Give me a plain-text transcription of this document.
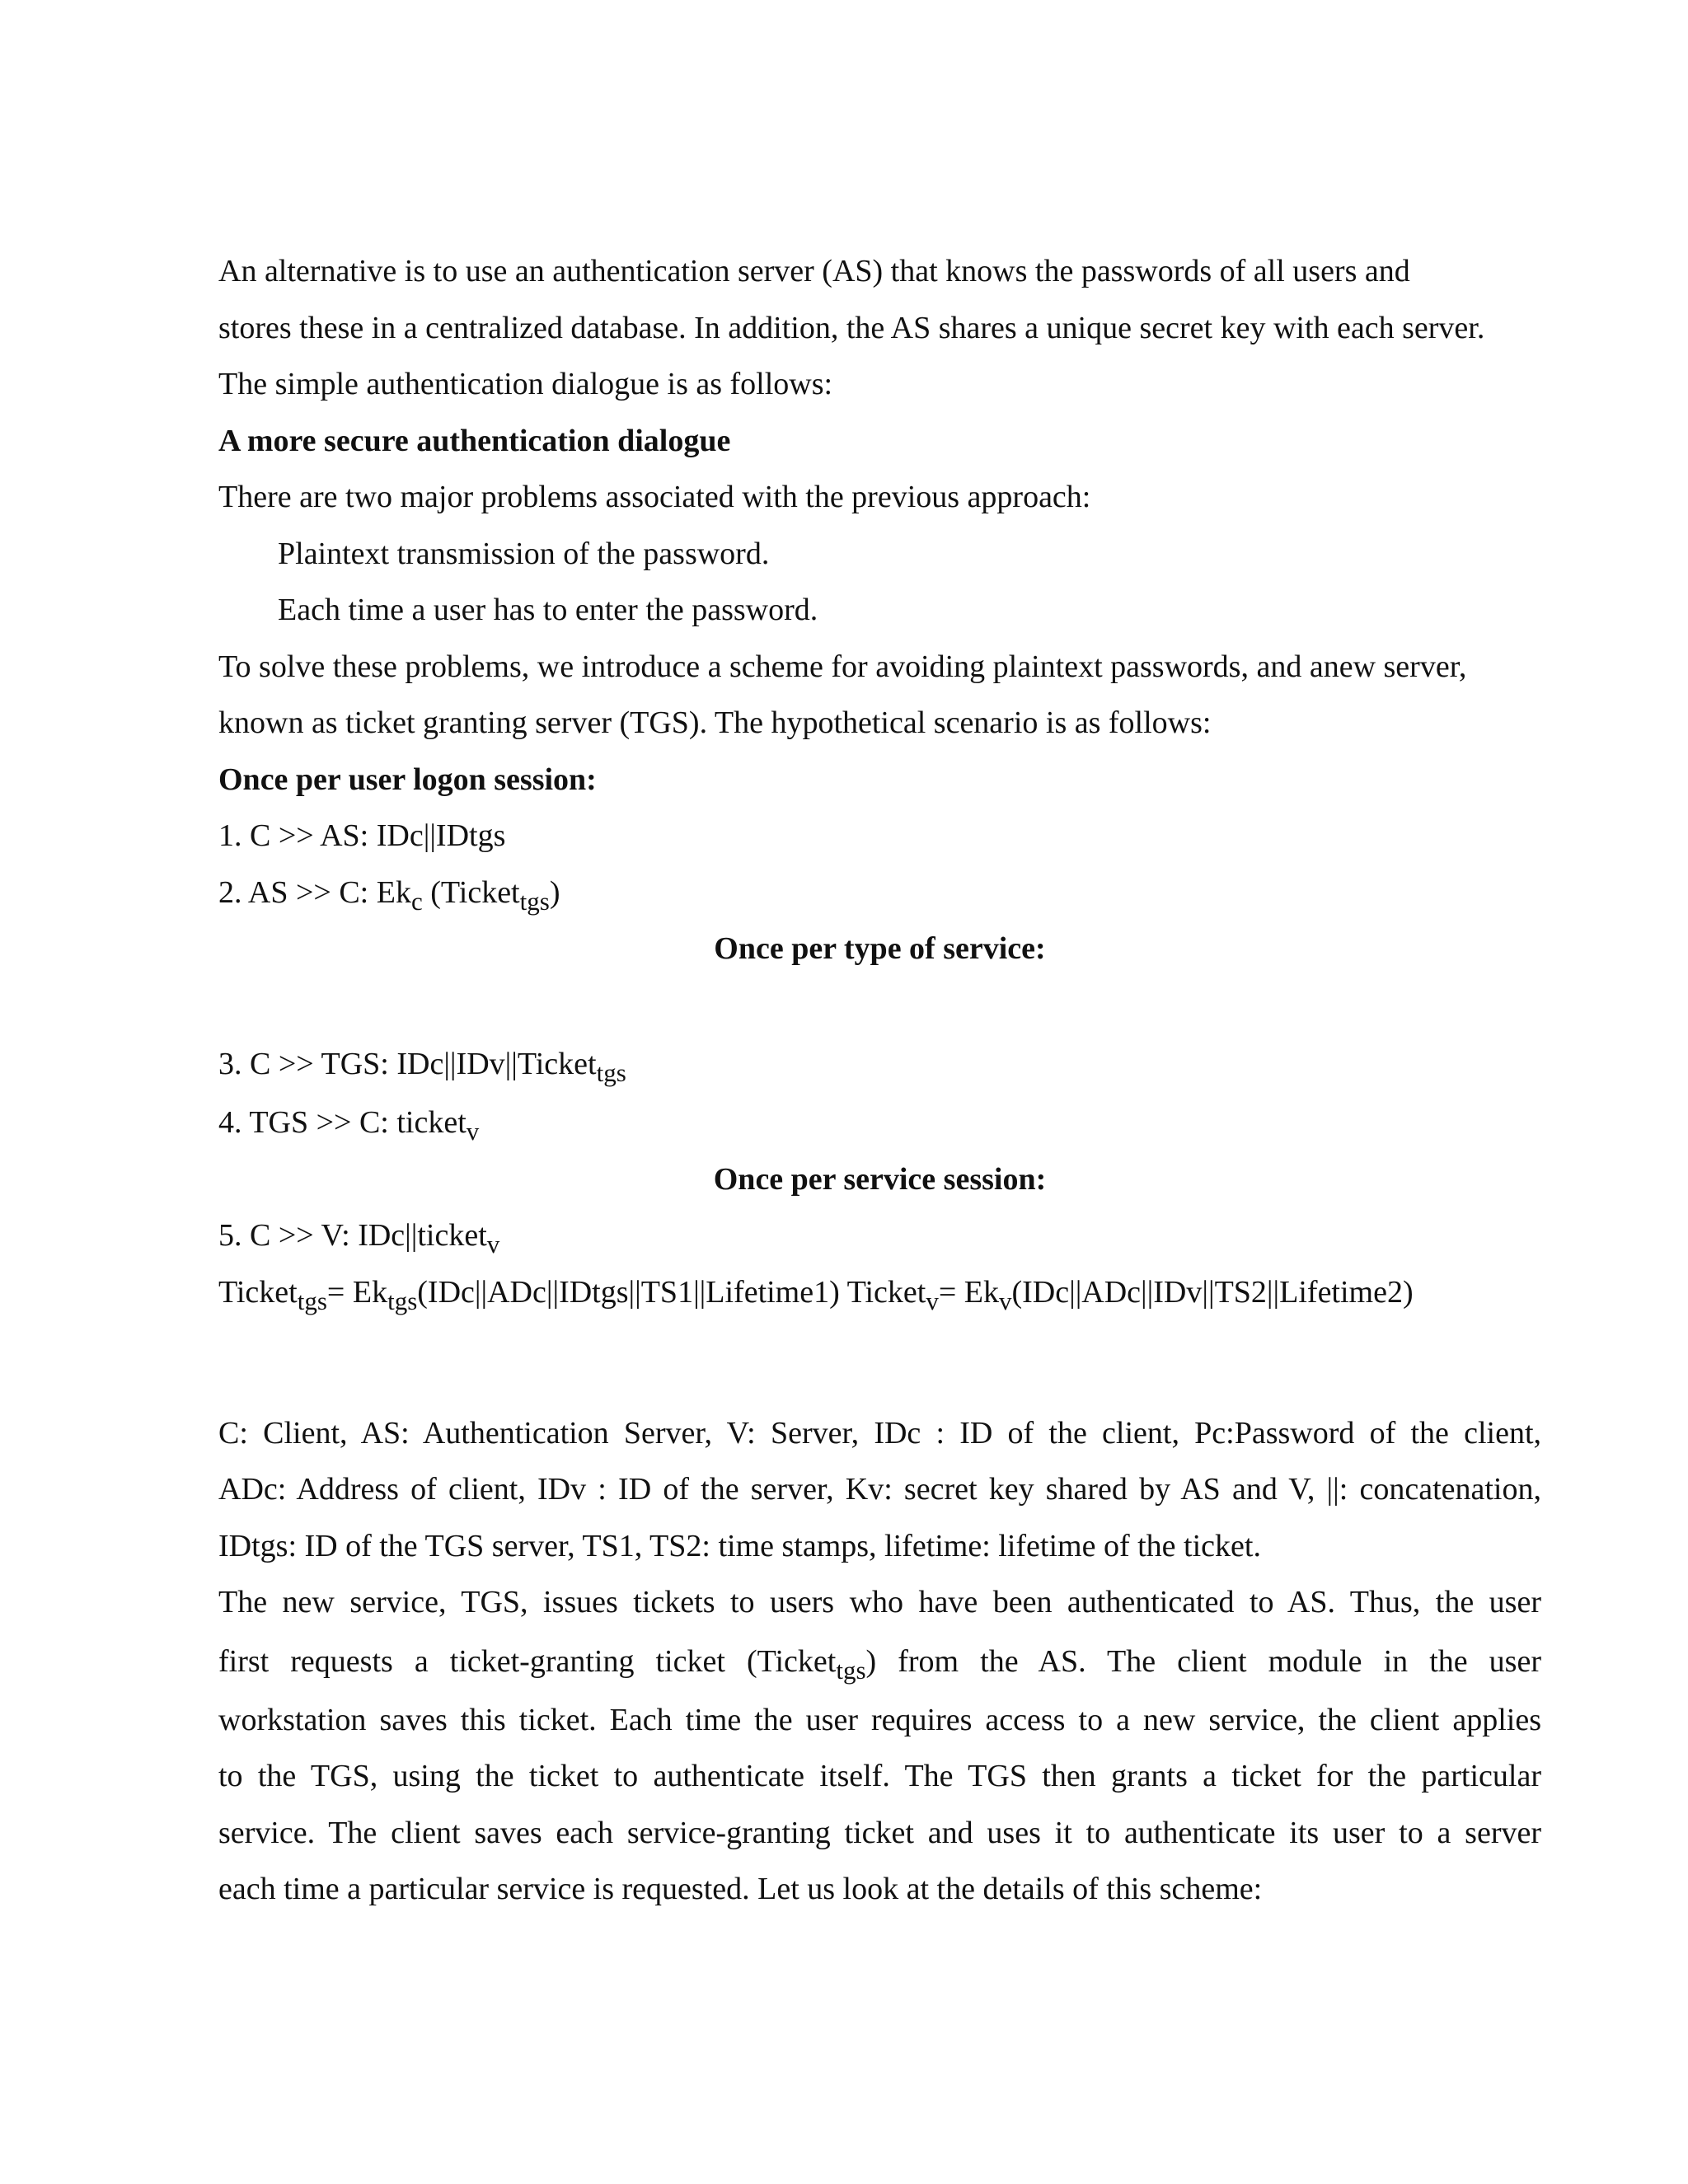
An alternative is to use an authentication server (AS) that knows the passwords of all users and
stores these in a centralized database. In addition, the AS shares a unique secret key with each server.
The simple authentication dialogue is as follows:
A more secure authentication dialogue
There are two major problems associated with the previous approach:
Plaintext transmission of the password.
Each time a user has to enter the password.
To solve these problems, we introduce a scheme for avoiding plaintext passwords, and anew server,
known as ticket granting server (TGS). The hypothetical scenario is as follows:
Once per user logon session:
1. C >> AS: IDc||IDtgs
2. AS >> C: $Ek_c$ (Ticket$_{tgs}$)
Once per type of service:
3. C >> TGS: IDc||IDv||Ticket$_{tgs}$
4. TGS >> C: ticket$_v$
Once per service session:
5. C >> V: IDc||ticket$_v$
Ticket$_{tgs}$= $Ek_{tgs}(IDc||ADc||IDtgs||TS1||Lifetime1)$ Ticket$_v$= $Ek_v(IDc||ADc||IDv||TS2||Lifetime2)$
C: Client, AS: Authentication Server, V: Server, IDc : ID of the client, Pc:Password of the client,
ADc: Address of client, IDv : ID of the server, Kv: secret key shared by AS and V, ||: concatenation,
IDtgs: ID of the TGS server, TS1, TS2: time stamps, lifetime: lifetime of the ticket.
The new service, TGS, issues tickets to users who have been authenticated to AS. Thus, the user
first requests a ticket-granting ticket (Ticket$_{tgs}$) from the AS. The client module in the user
workstation saves this ticket. Each time the user requires access to a new service, the client applies
to the TGS, using the ticket to authenticate itself. The TGS then grants a ticket for the particular
service. The client saves each service-granting ticket and uses it to authenticate its user to a server
each time a particular service is requested. Let us look at the details of this scheme:
